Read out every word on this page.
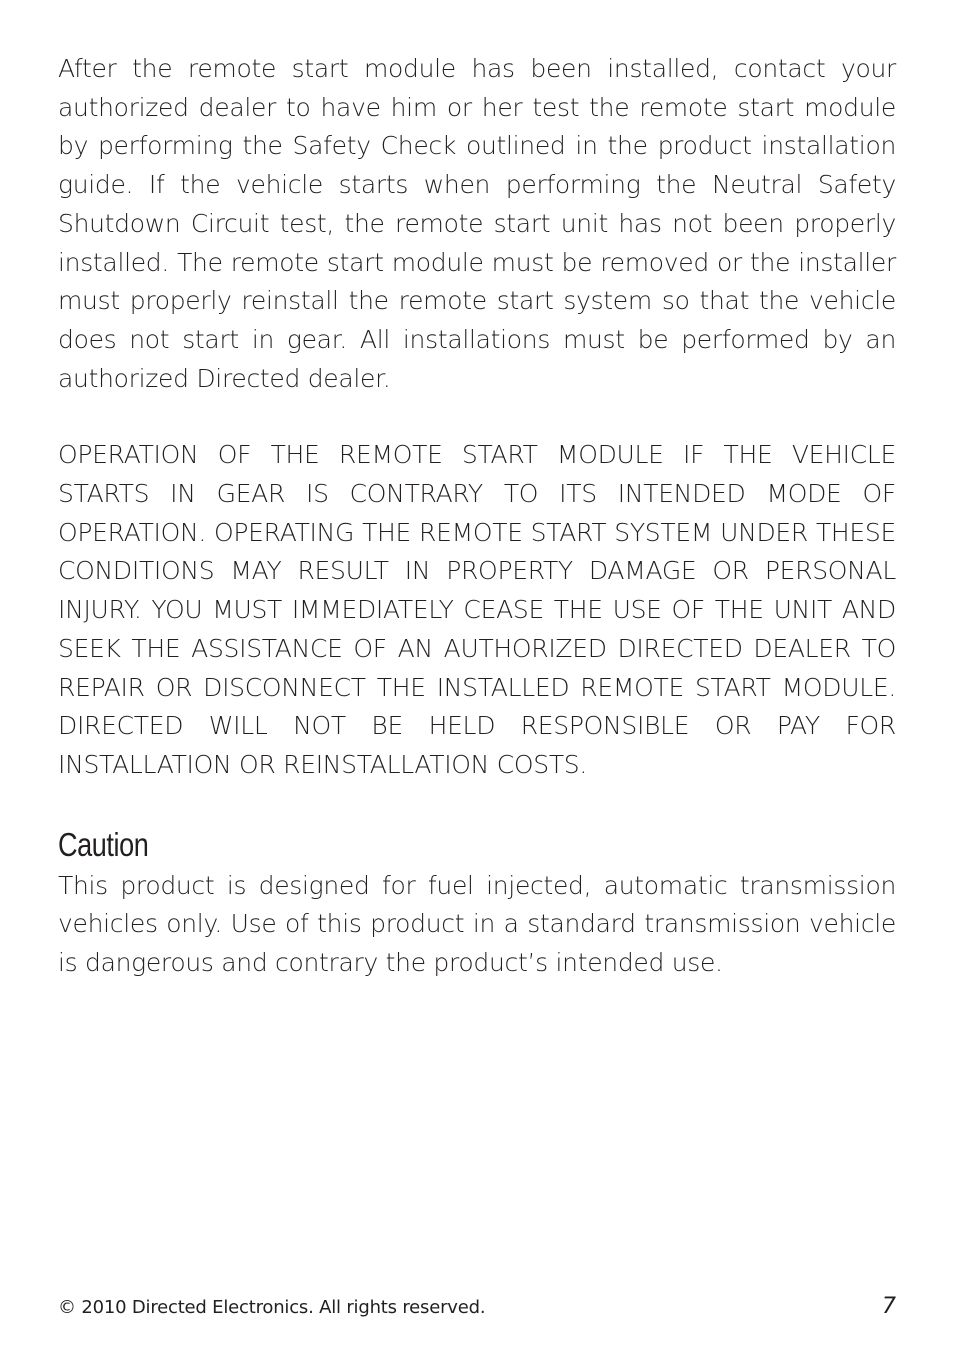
After the remote start module has been installed, contact your authorized dealer to have him or her test the remote start module by performing the Safety Check outlined in the product installation guide. If the vehicle starts when performing the Neutral Safety Shutdown Circuit test, the remote start unit has not been properly installed. The remote start module must be removed or the installer must properly reinstall the remote start system so that the vehicle does not start in gear. All installations must be performed by an authorized Directed dealer.

OPERATION OF THE REMOTE START MODULE IF THE VEHICLE STARTS IN GEAR IS CONTRARY TO ITS INTENDED MODE OF OPERATION. OPERATING THE REMOTE START SYSTEM UNDER THESE CONDITIONS MAY RESULT IN PROPERTY DAMAGE OR PERSONAL INJURY. YOU MUST IMMEDIATELY CEASE THE USE OF THE UNIT AND SEEK THE ASSISTANCE OF AN AUTHORIZED DIRECTED DEALER TO REPAIR OR DISCONNECT THE INSTALLED REMOTE START MODULE. DIRECTED WILL NOT BE HELD RESPONSIBLE OR PAY FOR INSTALLATION OR REINSTALLATION COSTS.

Caution

This product is designed for fuel injected, automatic transmission vehicles only. Use of this product in a standard transmission vehicle is dangerous and contrary the product’s intended use.

© 2010 Directed Electronics. All rights reserved.	7
